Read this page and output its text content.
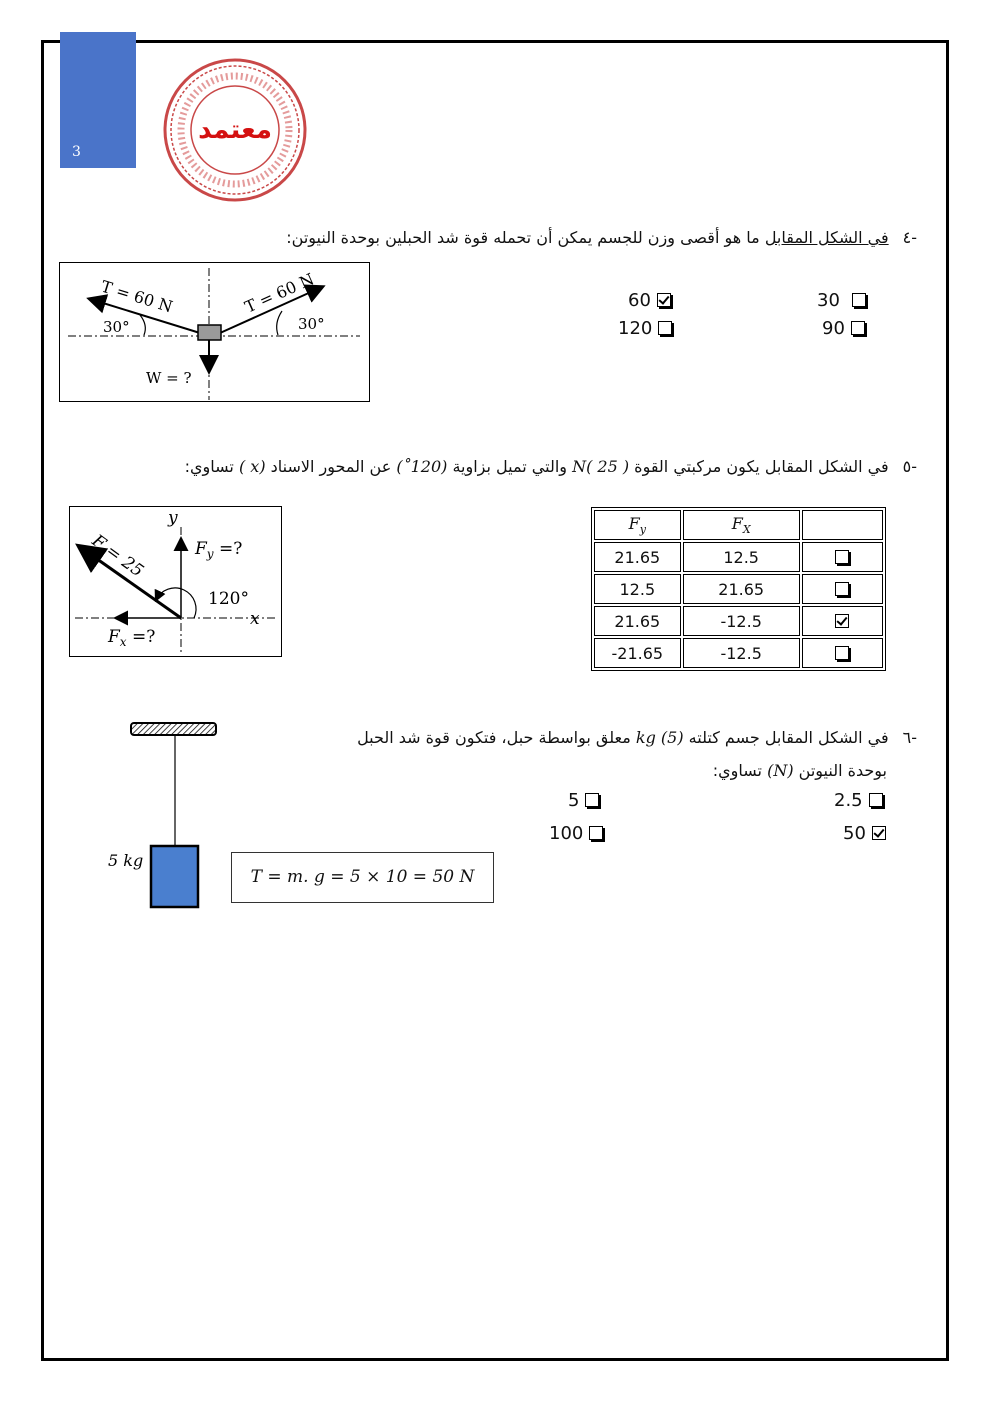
3
معتمد
-٤في الشكل المقابل ما هو أقصى وزن للجسم يمكن أن تحمله قوة شد الحبلين بوحدة النيوتن:
T = 60 N	T = 60 N
30°	30°
W = ?
60	30
120	90
-٥في الشكل المقابل يكون مركبتي القوة N( 25 ) والتي تميل بزاوية (120˚) عن المحور الاسناد (x ) تساوي:
F = 25	$F_y$ =?
$F_x$ =?
120°
x
y	$F_y$	$F_X$	
21.65	12.5	
12.5	21.65	
21.65	-12.5	
-21.65	-12.5	
-٦في الشكل المقابل جسم كتلته kg (5) معلق بواسطة حبل، فتكون قوة شد الحبل
بوحدة النيوتن (N) تساوي:
5 kg
T = m. g = 5 × 10 = 50 N
5	2.5
100	50
